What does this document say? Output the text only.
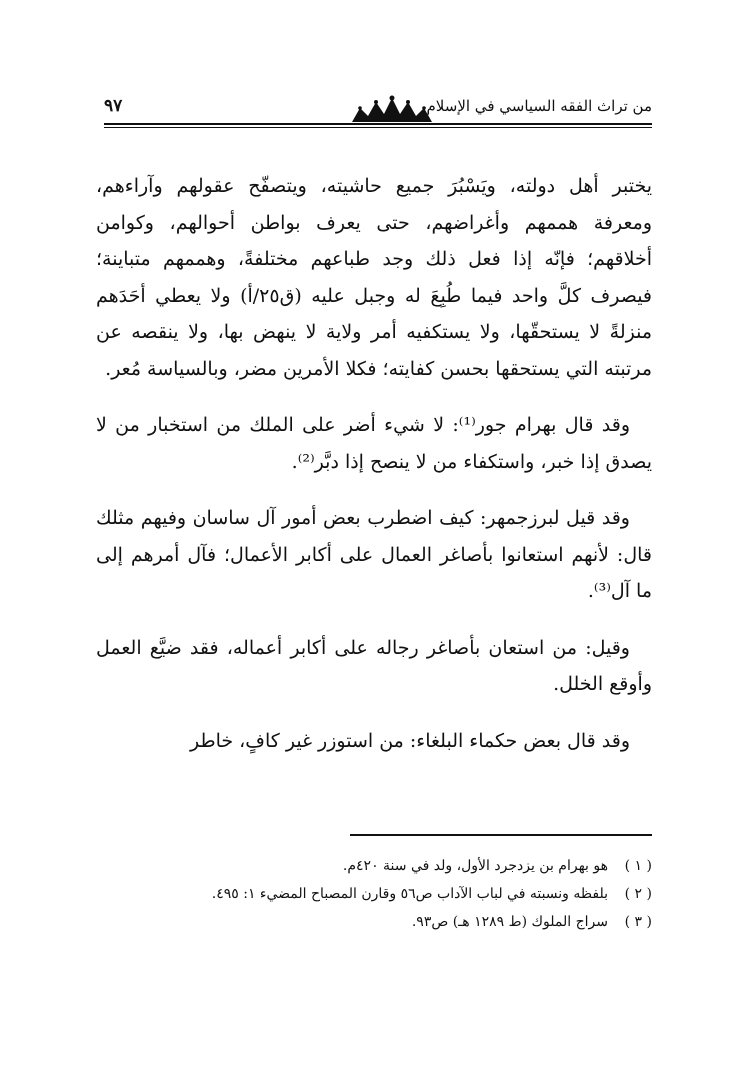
من تراث الفقه السياسي في الإسلام
٩٧

يختبر أهل دولته، ويَسْبُرَ جميع حاشيته، ويتصفّح عقولهم وآراءهم، ومعرفة هممهم وأغراضهم، حتى يعرف بواطن أحوالهم، وكوامن أخلاقهم؛ فإنّه إذا فعل ذلك وجد طباعهم مختلفةً، وهممهم متباينة؛ فيصرف كلَّ واحد فيما طُبِعَ له وجبل عليه (ق٢٥/أ) ولا يعطي أحَدَهم منزلةً لا يستحقّها، ولا يستكفيه أمر ولاية لا ينهض بها، ولا ينقصه عن مرتبته التي يستحقها بحسن كفايته؛ فكلا الأمرين مضر، وبالسياسة مُعر.

وقد قال بهرام جور⁽¹⁾: لا شيء أضر على الملك من استخبار من لا يصدق إذا خبر، واستكفاء من لا ينصح إذا دبَّر⁽²⁾.

وقد قيل لبرزجمهر: كيف اضطرب بعض أمور آل ساسان وفيهم مثلك قال: لأنهم استعانوا بأصاغر العمال على أكابر الأعمال؛ فآل أمرهم إلى ما آل⁽³⁾.

وقيل: من استعان بأصاغر رجاله على أكابر أعماله، فقد ضيَّع العمل وأوقع الخلل.

وقد قال بعض حكماء البلغاء: من استوزر غير كافٍ، خاطر

( ١ )
هو بهرام بن يزدجرد الأول، ولد في سنة ٤٢٠م.
( ٢ )
بلفظه ونسبته في لباب الآداب ص٥٦ وقارن المصباح المضيء ١: ٤٩٥.
( ٣ )
سراج الملوك (ط ١٢٨٩ هـ) ص٩٣.
